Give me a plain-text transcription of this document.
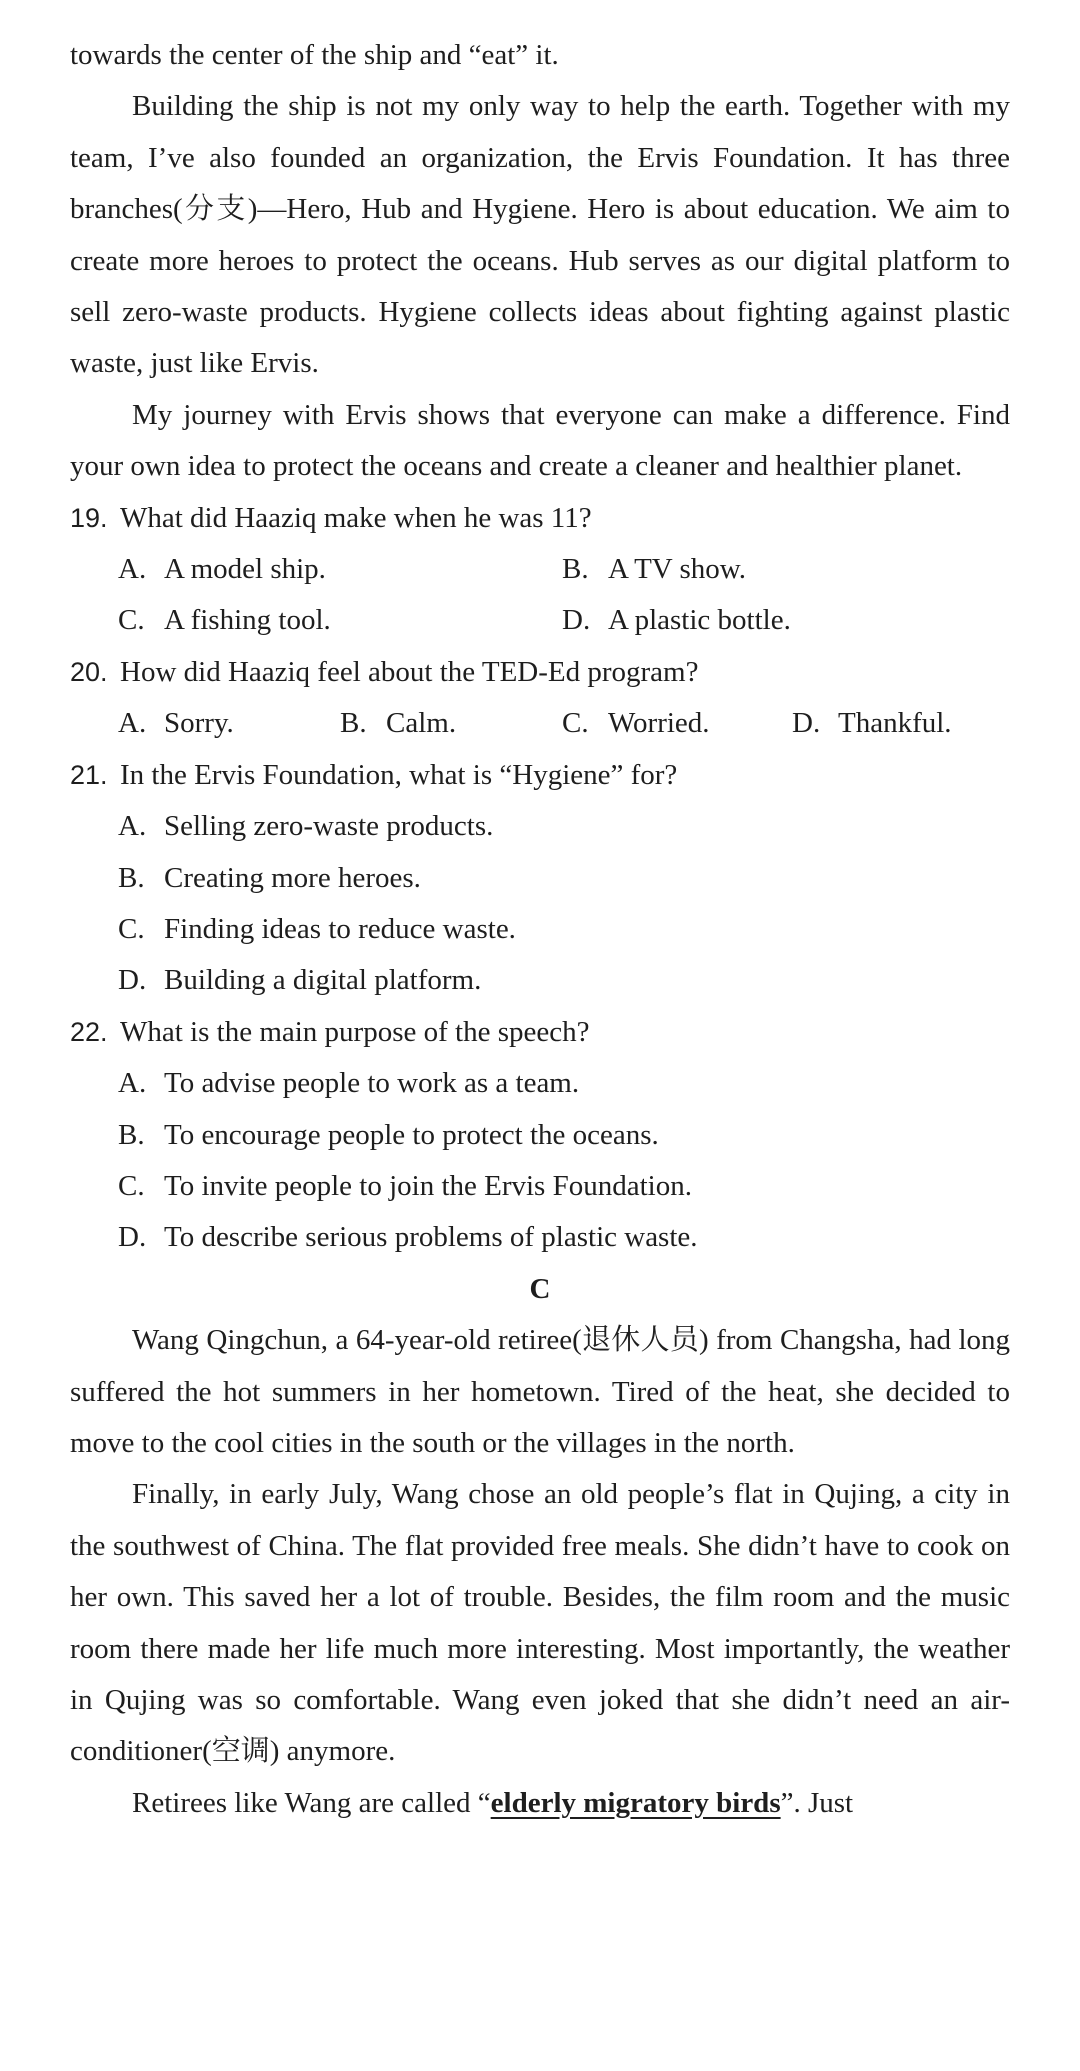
towards the center of the ship and “eat” it.

Building the ship is not my only way to help the earth. Together with my team, I’ve also founded an organization, the Ervis Foundation. It has three branches(分支)—Hero, Hub and Hygiene. Hero is about education. We aim to create more heroes to protect the oceans. Hub serves as our digital platform to sell zero-waste products. Hygiene collects ideas about fighting against plastic waste, just like Ervis.

My journey with Ervis shows that everyone can make a difference. Find your own idea to protect the oceans and create a cleaner and healthier planet.

19. What did Haaziq make when he was 11?
A. A model ship.	B. A TV show.
C. A fishing tool.	D. A plastic bottle.
20. How did Haaziq feel about the TED-Ed program?
A. Sorry.	B. Calm.	C. Worried.	D. Thankful.
21. In the Ervis Foundation, what is “Hygiene” for?
A. Selling zero-waste products.
B. Creating more heroes.
C. Finding ideas to reduce waste.
D. Building a digital platform.
22. What is the main purpose of the speech?
A. To advise people to work as a team.
B. To encourage people to protect the oceans.
C. To invite people to join the Ervis Foundation.
D. To describe serious problems of plastic waste.

C

Wang Qingchun, a 64-year-old retiree(退休人员) from Changsha, had long suffered the hot summers in her hometown. Tired of the heat, she decided to move to the cool cities in the south or the villages in the north.

Finally, in early July, Wang chose an old people’s flat in Qujing, a city in the southwest of China. The flat provided free meals. She didn’t have to cook on her own. This saved her a lot of trouble. Besides, the film room and the music room there made her life much more interesting. Most importantly, the weather in Qujing was so comfortable. Wang even joked that she didn’t need an air-conditioner(空调) anymore.

Retirees like Wang are called “elderly migratory birds”. Just
